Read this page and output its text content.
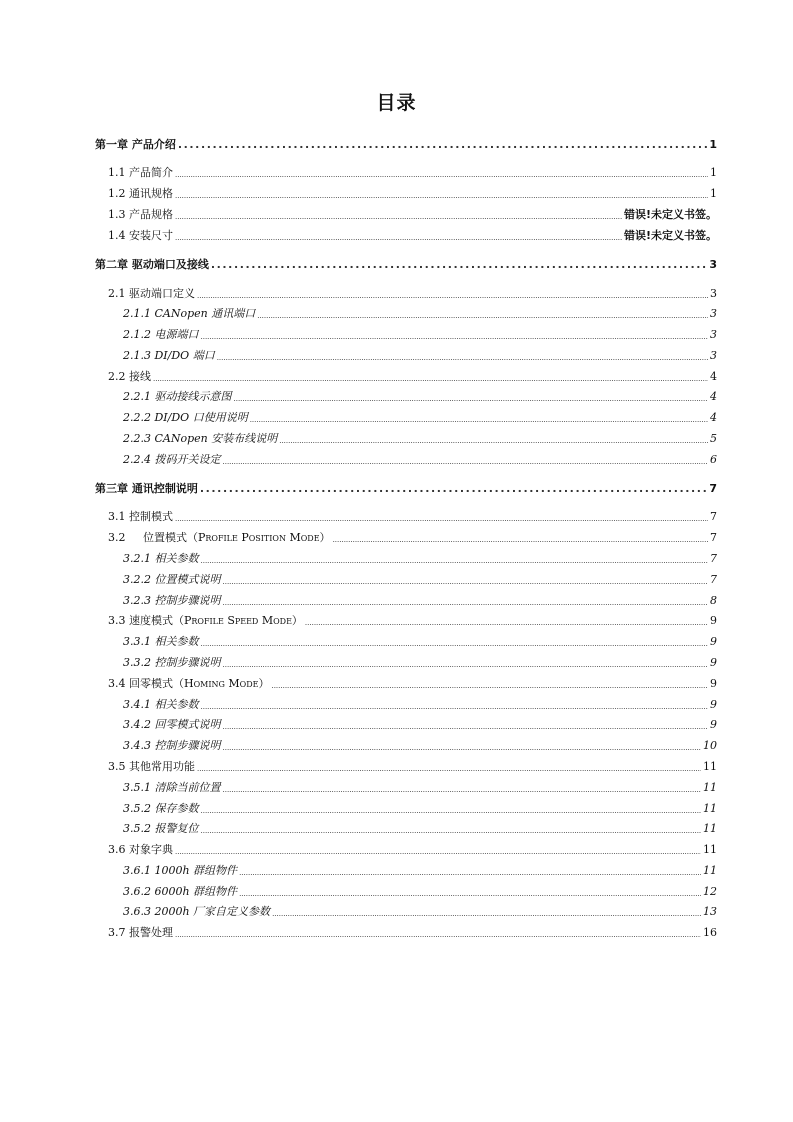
目录
第一章 产品介绍 .....	1
1.1 产品简介 .....	1
1.2 通讯规格 .....	1
1.3 产品规格 .....	错误!未定义书签。
1.4 安装尺寸 .....	错误!未定义书签。
第二章 驱动端口及接线 .....	3
2.1 驱动端口定义 .....	3
2.1.1 CANopen 通讯端口 .....	3
2.1.2 电源端口 .....	3
2.1.3 DI/DO 端口 .....	3
2.2 接线 .....	4
2.2.1 驱动接线示意图 .....	4
2.2.2 DI/DO 口使用说明 .....	4
2.2.3 CANopen 安装布线说明 .....	5
2.2.4 拨码开关设定 .....	6
第三章 通讯控制说明 .....	7
3.1 控制模式 .....	7
3.2     位置模式（Profile Position Mode） .....	7
3.2.1 相关参数 .....	7
3.2.2 位置模式说明 .....	7
3.2.3 控制步骤说明 .....	8
3.3 速度模式（Profile Speed Mode） .....	9
3.3.1 相关参数 .....	9
3.3.2 控制步骤说明 .....	9
3.4 回零模式（Homing Mode） .....	9
3.4.1 相关参数 .....	9
3.4.2 回零模式说明 .....	9
3.4.3 控制步骤说明 .....	10
3.5 其他常用功能 .....	11
3.5.1 清除当前位置 .....	11
3.5.2 保存参数 .....	11
3.5.2 报警复位 .....	11
3.6 对象字典 .....	11
3.6.1 1000h 群组物件 .....	11
3.6.2 6000h 群组物件 .....	12
3.6.3 2000h 厂家自定义参数 .....	13
3.7 报警处理 .....	16
